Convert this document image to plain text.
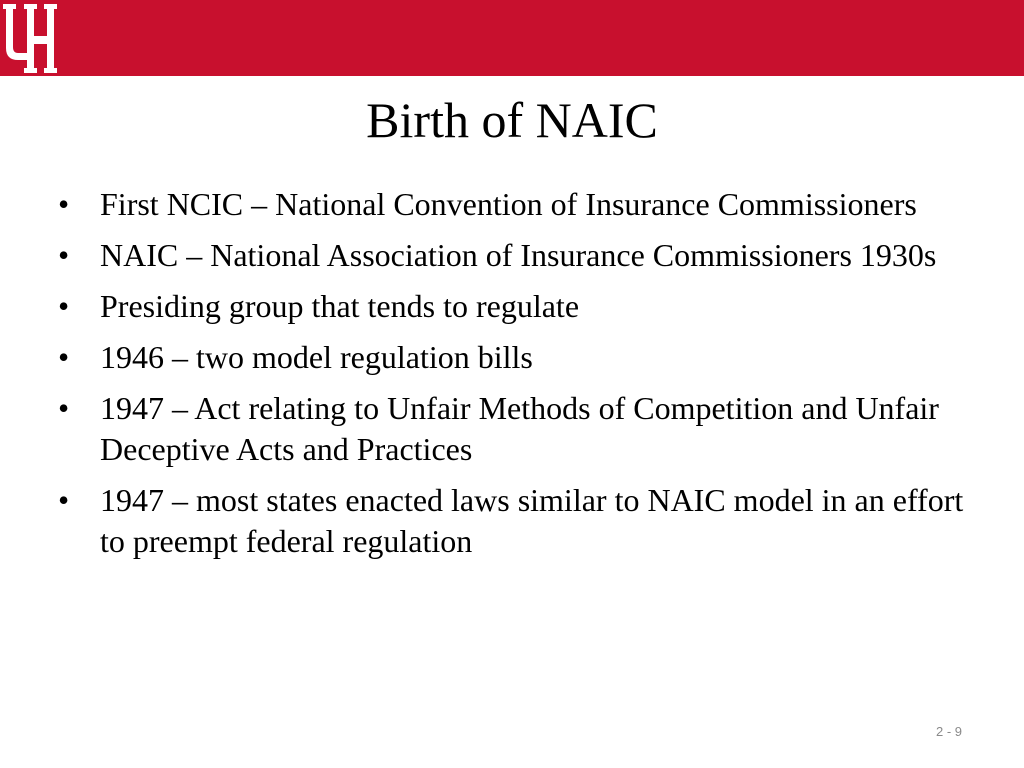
Birth of NAIC
• First NCIC – National Convention of Insurance Commissioners
• NAIC – National Association of Insurance Commissioners 1930s
• Presiding group that tends to regulate
• 1946 – two model regulation bills
• 1947 – Act relating to Unfair Methods of Competition and Unfair Deceptive Acts and Practices
• 1947 – most states enacted laws similar to NAIC model in an effort to preempt federal regulation
2 - 9
